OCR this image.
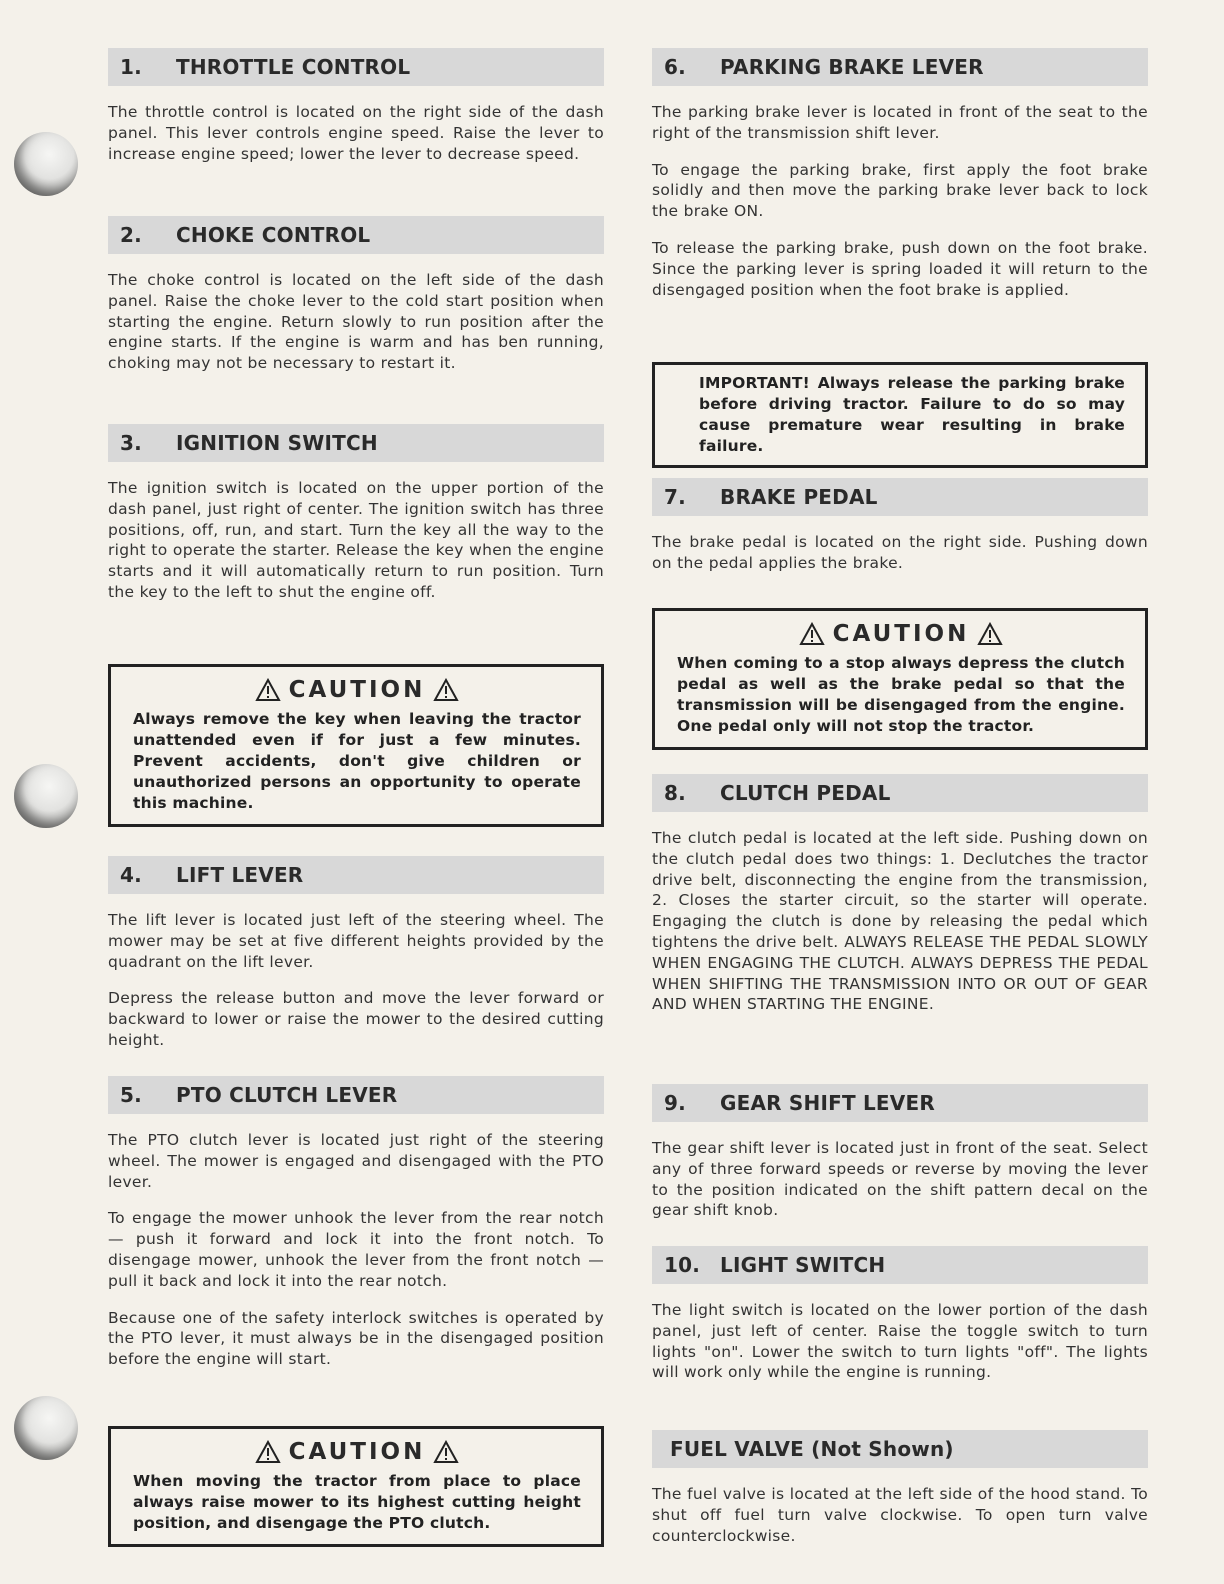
1.	THROTTLE CONTROL

The throttle control is located on the right side of the dash panel. This lever controls engine speed. Raise the lever to increase engine speed; lower the lever to decrease speed.

2.	CHOKE CONTROL

The choke control is located on the left side of the dash panel. Raise the choke lever to the cold start position when starting the engine. Return slowly to run position after the engine starts. If the engine is warm and has ben running, choking may not be necessary to restart it.

3.	IGNITION SWITCH

The ignition switch is located on the upper portion of the dash panel, just right of center. The ignition switch has three positions, off, run, and start. Turn the key all the way to the right to operate the starter. Release the key when the engine starts and it will automatically return to run position. Turn the key to the left to shut the engine off.

CAUTION
Always remove the key when leaving the tractor unattended even if for just a few minutes. Prevent accidents, don't give children or unauthorized persons an opportunity to operate this machine.
4.	LIFT LEVER

The lift lever is located just left of the steering wheel. The mower may be set at five different heights provided by the quadrant on the lift lever.

Depress the release button and move the lever forward or backward to lower or raise the mower to the desired cutting height.

5.	PTO CLUTCH LEVER

The PTO clutch lever is located just right of the steering wheel. The mower is engaged and disengaged with the PTO lever.

To engage the mower unhook the lever from the rear notch — push it forward and lock it into the front notch. To disengage mower, unhook the lever from the front notch — pull it back and lock it into the rear notch.

Because one of the safety interlock switches is operated by the PTO lever, it must always be in the disengaged position before the engine will start.

CAUTION
When moving the tractor from place to place always raise mower to its highest cutting height position, and disengage the PTO clutch.
6.	PARKING BRAKE LEVER

The parking brake lever is located in front of the seat to the right of the transmission shift lever.

To engage the parking brake, first apply the foot brake solidly and then move the parking brake lever back to lock the brake ON.

To release the parking brake, push down on the foot brake. Since the parking lever is spring loaded it will return to the disengaged position when the foot brake is applied.

IMPORTANT! Always release the parking brake before driving tractor. Failure to do so may cause premature wear resulting in brake failure.
7.	BRAKE PEDAL

The brake pedal is located on the right side. Pushing down on the pedal applies the brake.

CAUTION
When coming to a stop always depress the clutch pedal as well as the brake pedal so that the transmission will be disengaged from the engine. One pedal only will not stop the tractor.
8.	CLUTCH PEDAL

The clutch pedal is located at the left side. Pushing down on the clutch pedal does two things: 1. Declutches the tractor drive belt, disconnecting the engine from the transmission, 2. Closes the starter circuit, so the starter will operate. Engaging the clutch is done by releasing the pedal which tightens the drive belt. ALWAYS RELEASE THE PEDAL SLOWLY WHEN ENGAGING THE CLUTCH. ALWAYS DEPRESS THE PEDAL WHEN SHIFTING THE TRANSMISSION INTO OR OUT OF GEAR AND WHEN STARTING THE ENGINE.

9.	GEAR SHIFT LEVER

The gear shift lever is located just in front of the seat. Select any of three forward speeds or reverse by moving the lever to the position indicated on the shift pattern decal on the gear shift knob.

10. LIGHT SWITCH

The light switch is located on the lower portion of the dash panel, just left of center. Raise the toggle switch to turn lights "on". Lower the switch to turn lights "off". The lights will work only while the engine is running.

FUEL VALVE (Not Shown)

The fuel valve is located at the left side of the hood stand. To shut off fuel turn valve clockwise. To open turn valve counterclockwise.
